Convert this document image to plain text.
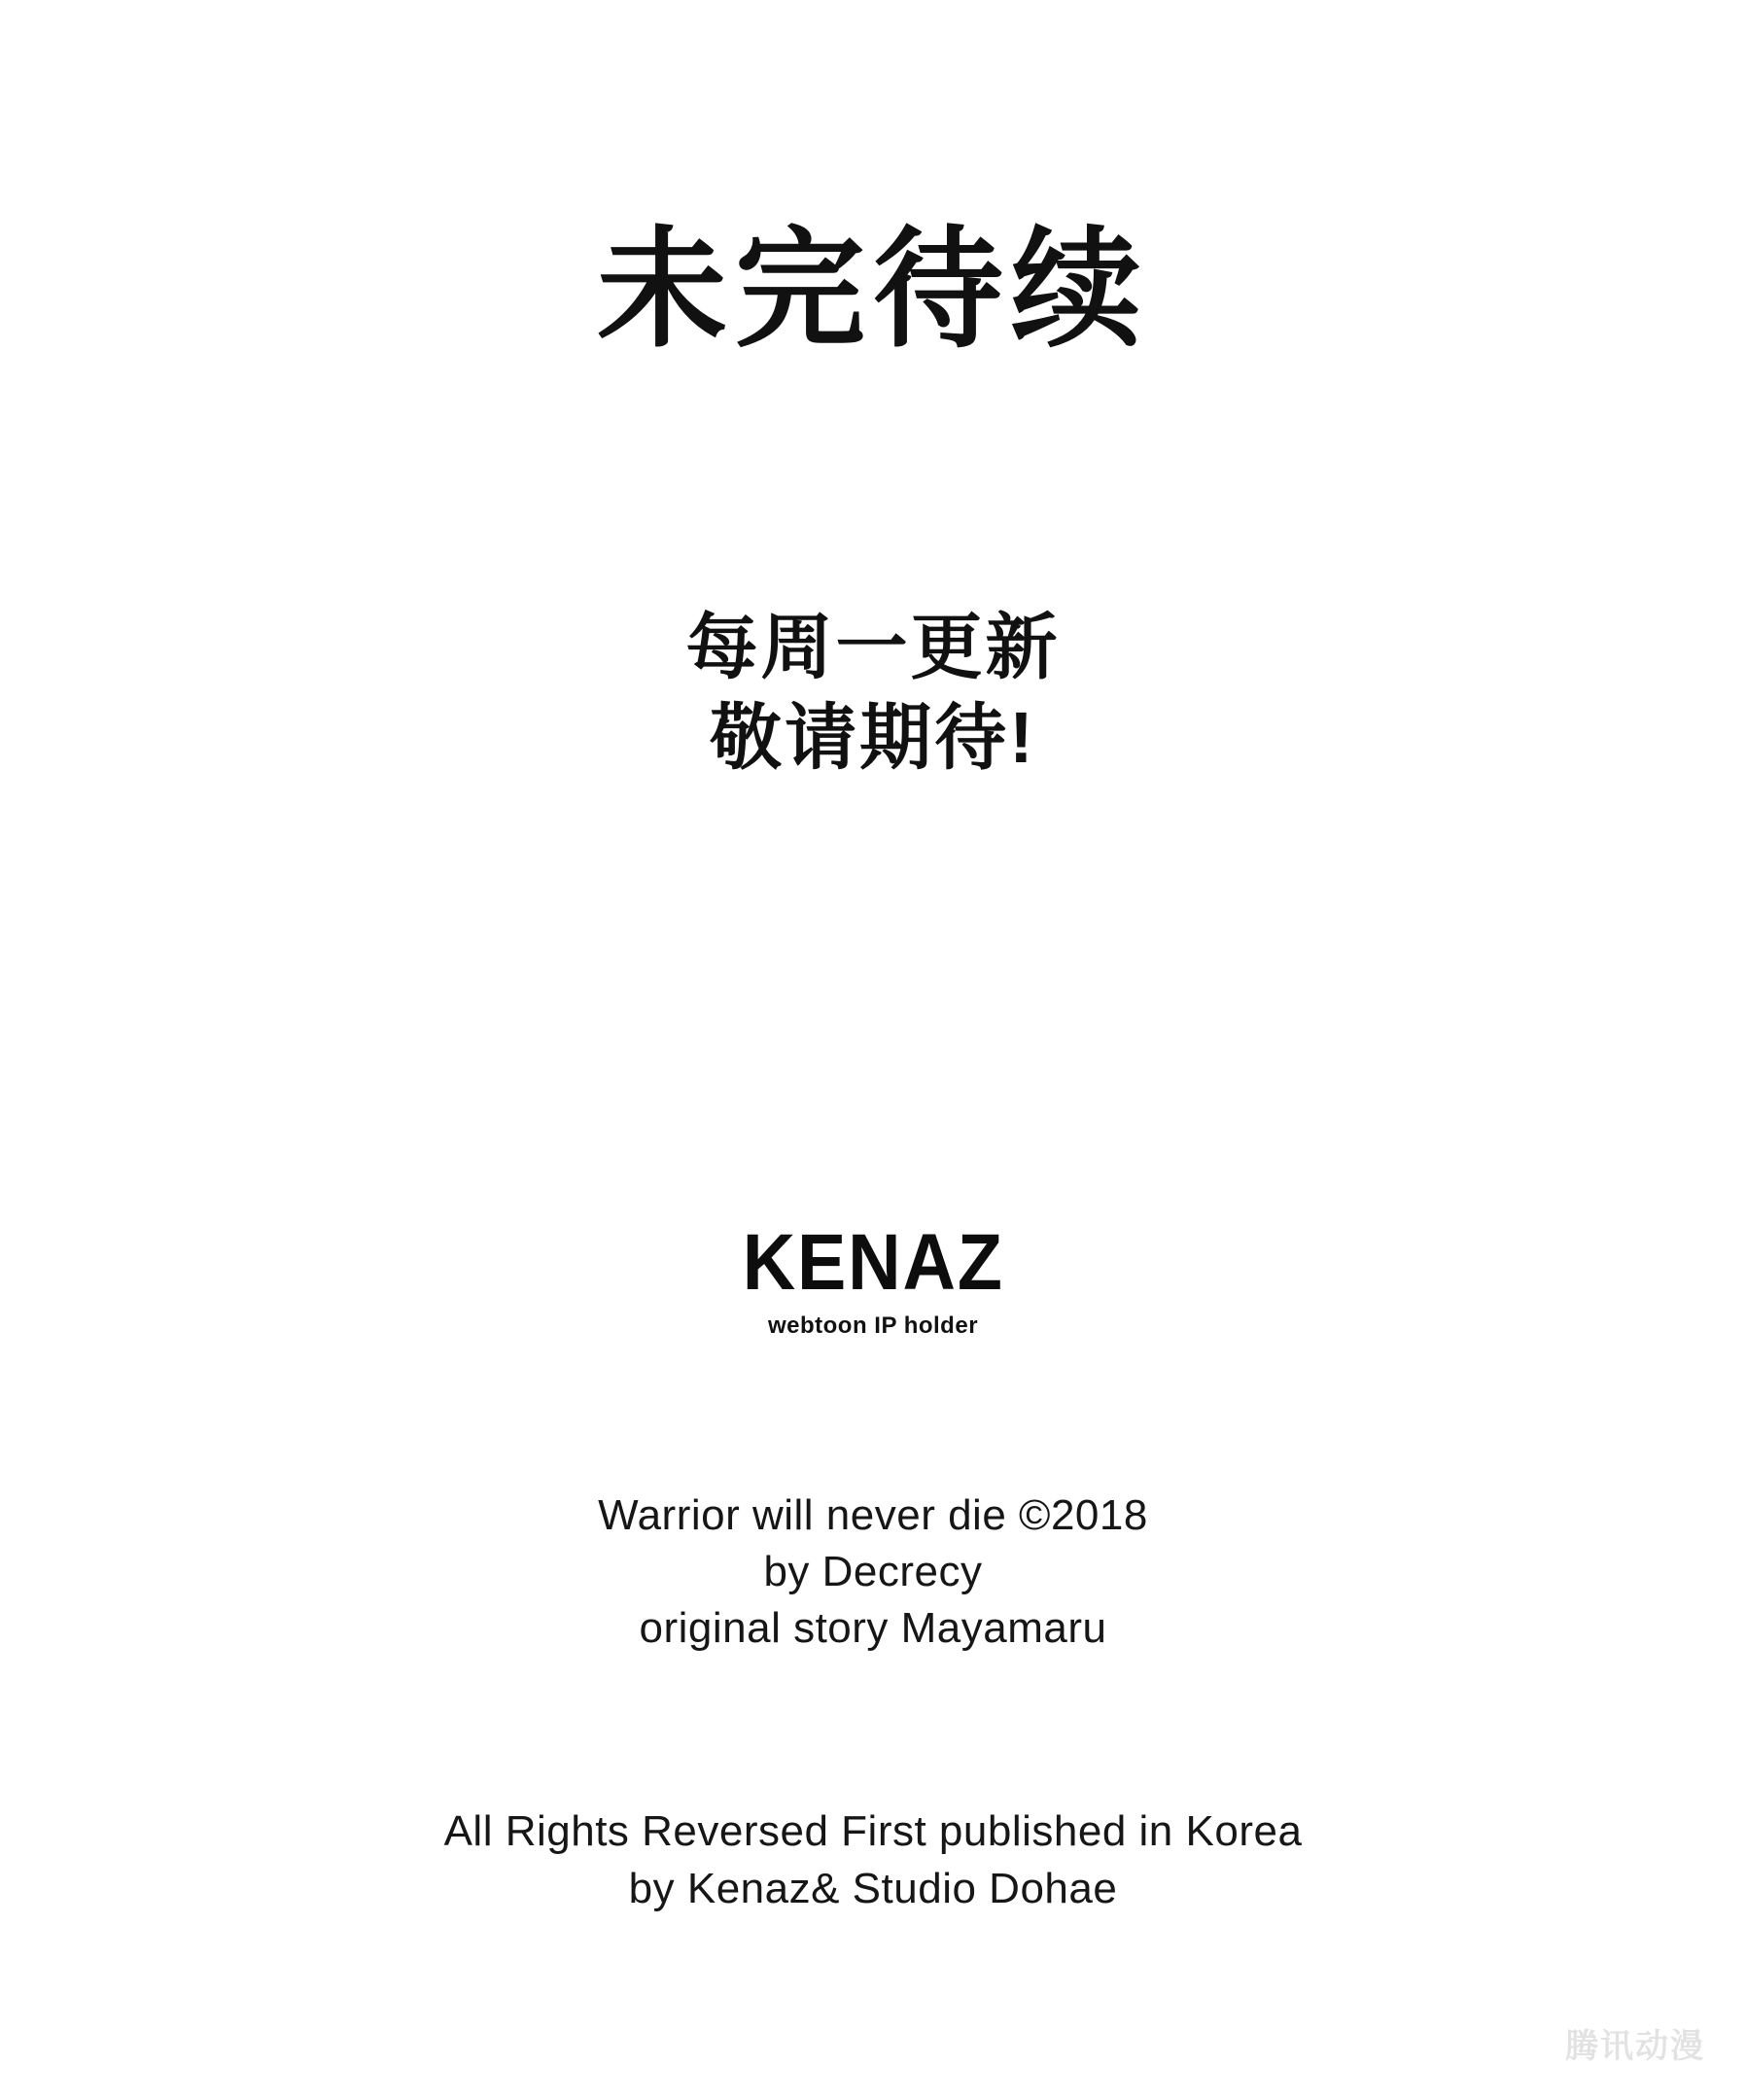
未完待续
每周一更新
敬请期待!
KENAZ
webtoon IP holder
Warrior will never die ©2018
by Decrecy
original story Mayamaru
All Rights Reversed First published in Korea
by Kenaz& Studio Dohae
腾讯动漫
